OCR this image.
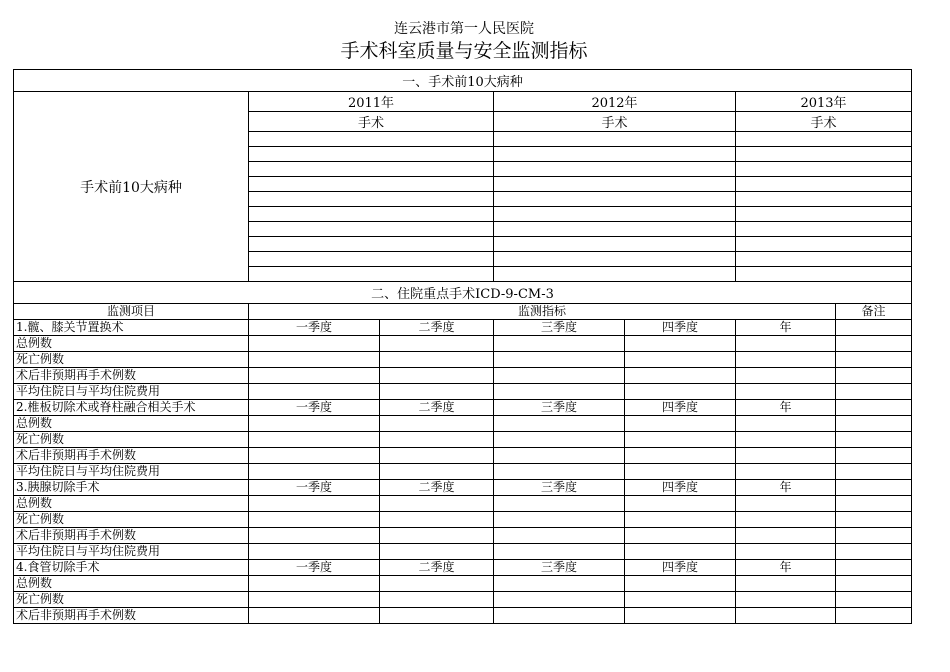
连云港市第一人民医院
手术科室质量与安全监测指标
一、手术前10大病种						
手术前10大病种	2011年		2012年		2013年	
	手术		手术		手术	

二、住院重点手术ICD-9-CM-3						
监测项目	监测指标					备注
1.髋、膝关节置换术	一季度	二季度	三季度	四季度	年	
总例数						
死亡例数						
术后非预期再手术例数						
平均住院日与平均住院费用						
2.椎板切除术或脊柱融合相关手术	一季度	二季度	三季度	四季度	年	
总例数						
死亡例数						
术后非预期再手术例数						
平均住院日与平均住院费用						
3.胰腺切除手术	一季度	二季度	三季度	四季度	年	
总例数						
死亡例数						
术后非预期再手术例数						
平均住院日与平均住院费用						
4.食管切除手术	一季度	二季度	三季度	四季度	年	
总例数						
死亡例数						
术后非预期再手术例数						
